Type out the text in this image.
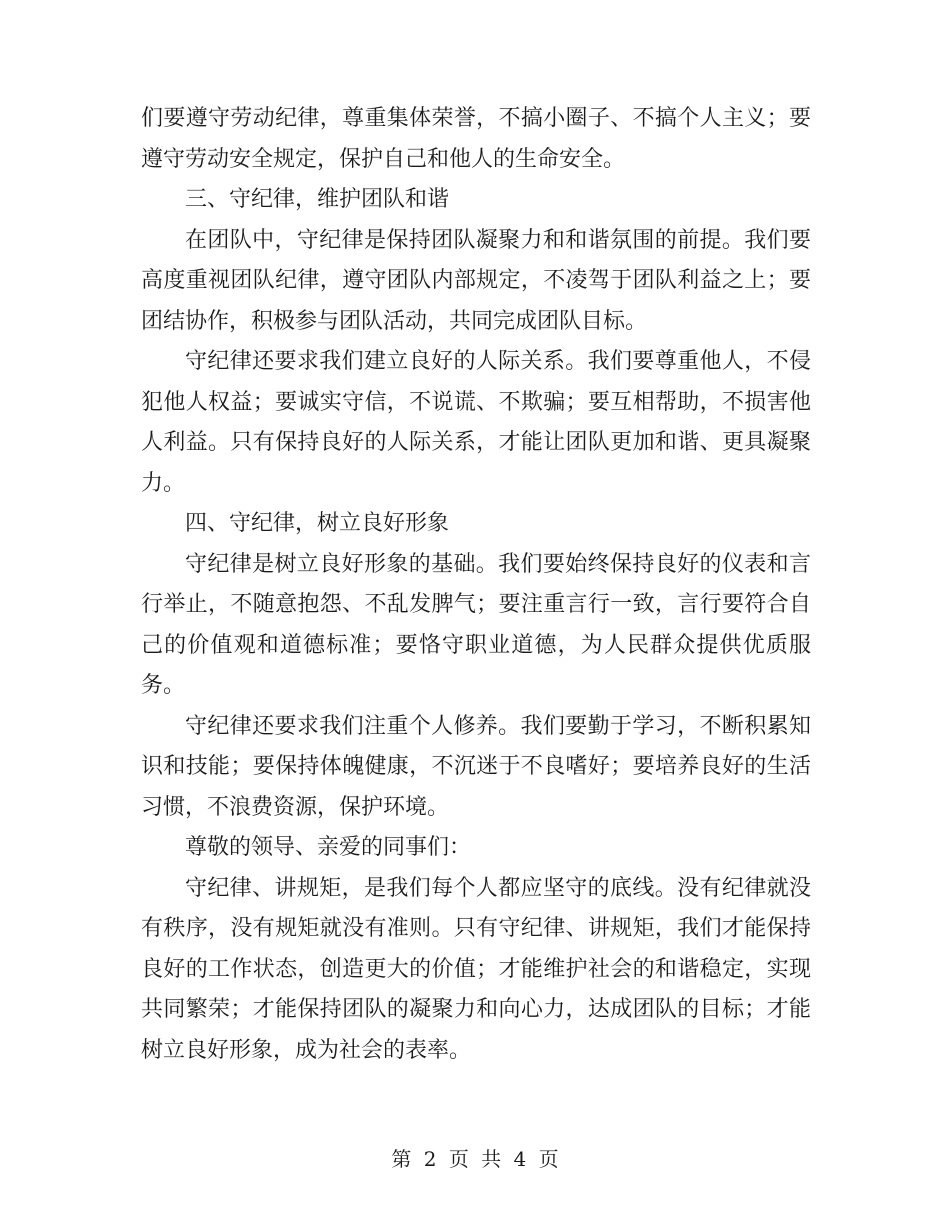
们要遵守劳动纪律，尊重集体荣誉，不搞小圈子、不搞个人主义；要遵守劳动安全规定，保护自己和他人的生命安全。

三、守纪律，维护团队和谐

在团队中，守纪律是保持团队凝聚力和和谐氛围的前提。我们要高度重视团队纪律，遵守团队内部规定，不凌驾于团队利益之上；要团结协作，积极参与团队活动，共同完成团队目标。

守纪律还要求我们建立良好的人际关系。我们要尊重他人，不侵犯他人权益；要诚实守信，不说谎、不欺骗；要互相帮助，不损害他人利益。只有保持良好的人际关系，才能让团队更加和谐、更具凝聚力。

四、守纪律，树立良好形象

守纪律是树立良好形象的基础。我们要始终保持良好的仪表和言行举止，不随意抱怨、不乱发脾气；要注重言行一致，言行要符合自己的价值观和道德标准；要恪守职业道德，为人民群众提供优质服务。

守纪律还要求我们注重个人修养。我们要勤于学习，不断积累知识和技能；要保持体魄健康，不沉迷于不良嗜好；要培养良好的生活习惯，不浪费资源，保护环境。

尊敬的领导、亲爱的同事们：

守纪律、讲规矩，是我们每个人都应坚守的底线。没有纪律就没有秩序，没有规矩就没有准则。只有守纪律、讲规矩，我们才能保持良好的工作状态，创造更大的价值；才能维护社会的和谐稳定，实现共同繁荣；才能保持团队的凝聚力和向心力，达成团队的目标；才能树立良好形象，成为社会的表率。

第 2 页 共 4 页
